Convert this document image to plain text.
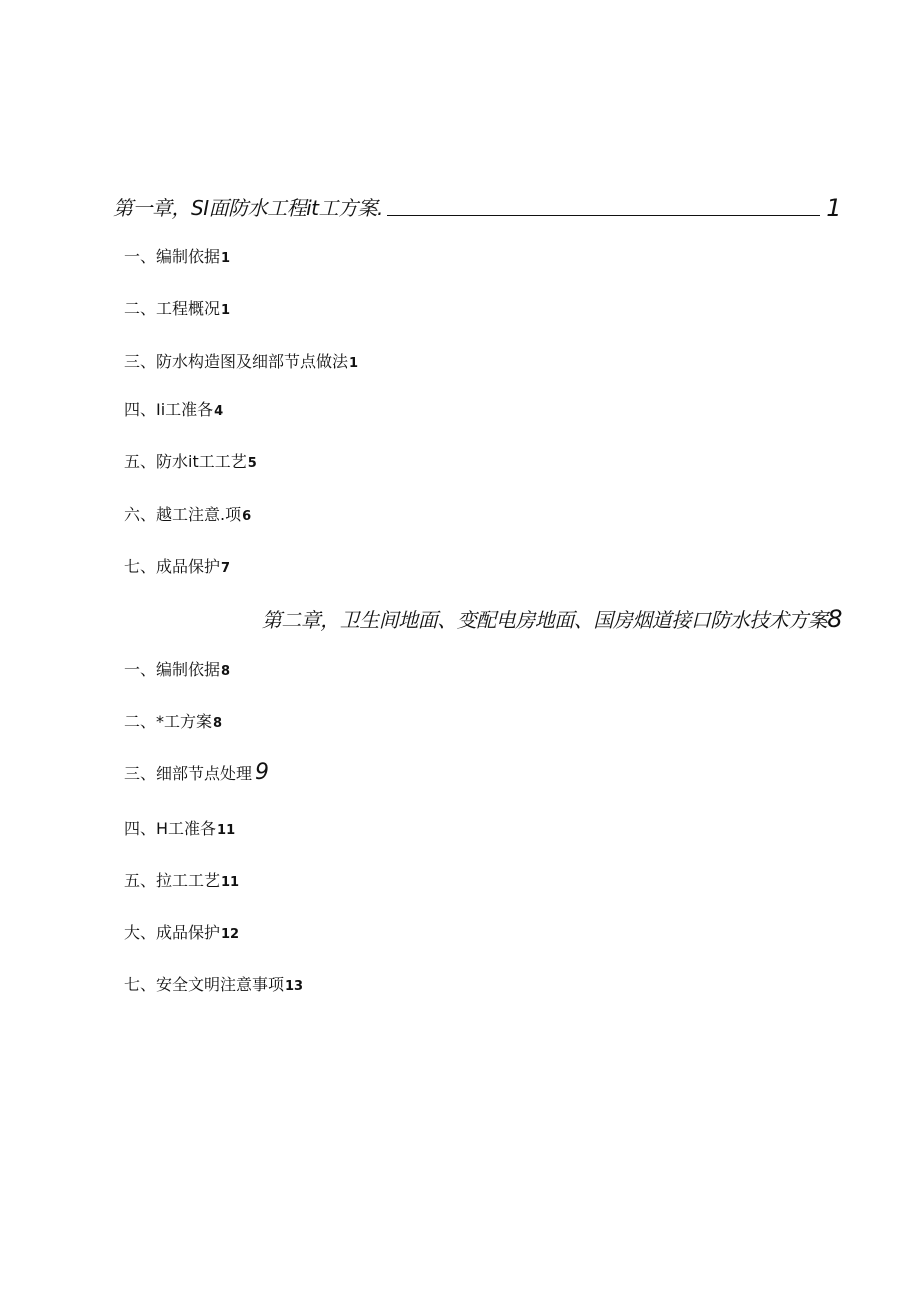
第一章，SI面防水工程it工方案.	1
一、编制依据1
二、工程概况1
三、防水构造图及细部节点做法1
四、Ii工准各4
五、防水it工工艺5
六、越工注意.项6
七、成品保护7
第二章，卫生间地面、变配电房地面、国房烟道接口防水技术方案8
一、编制依据8
二、*工方案8
三、细部节点处理 9
四、H工准各11
五、拉工工艺11
大、成品保护12
七、安全文明注意事项13
